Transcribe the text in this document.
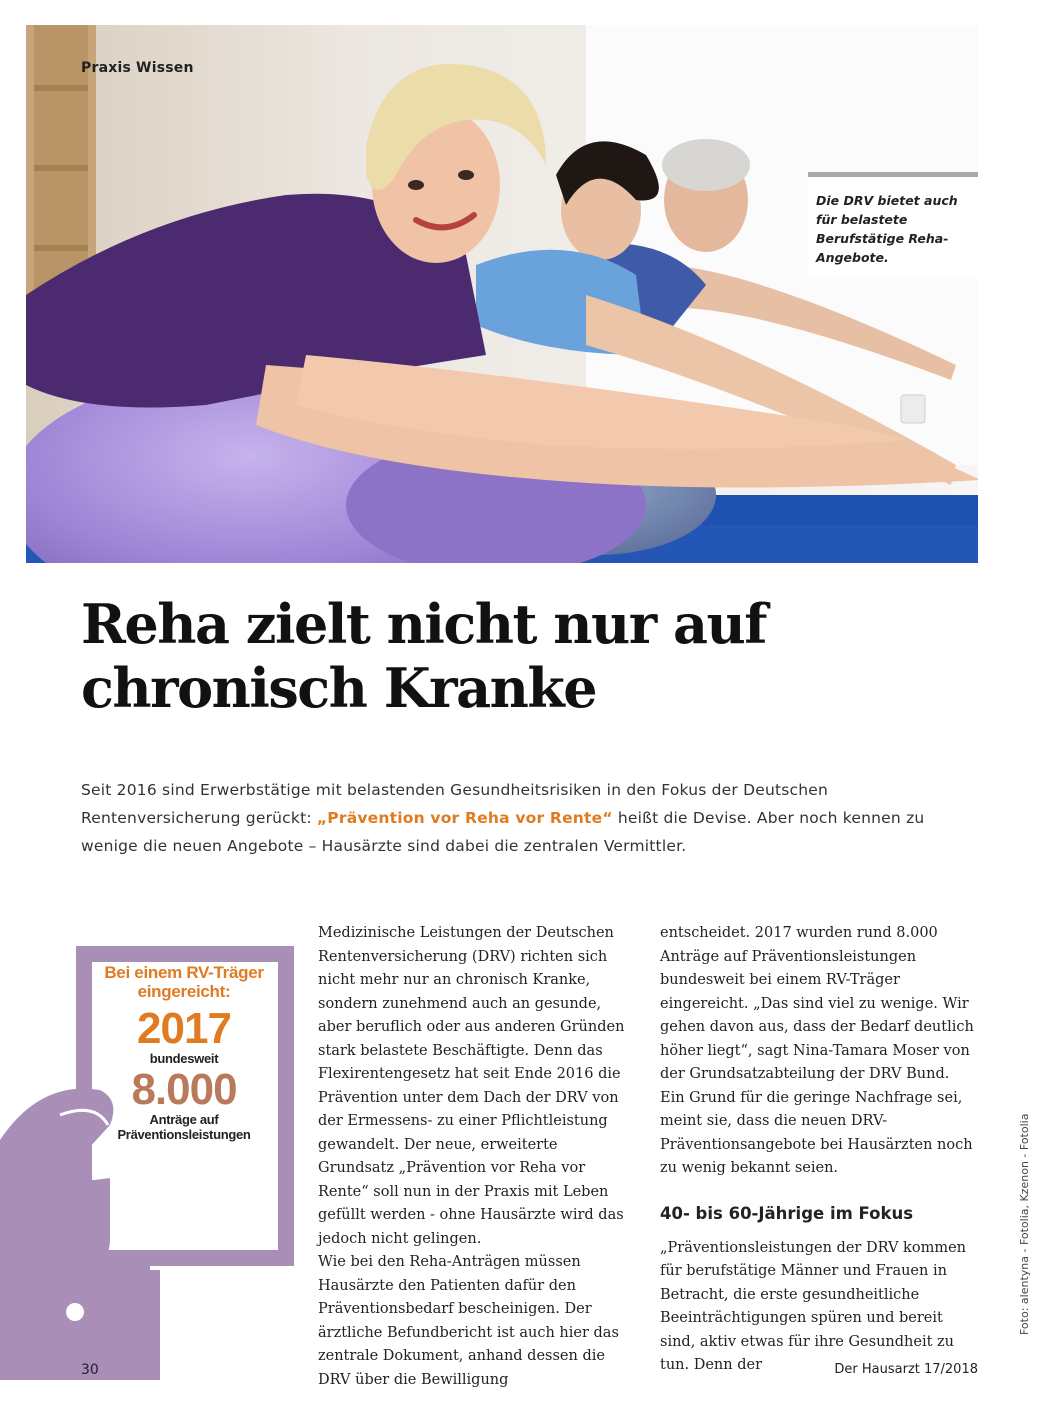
Praxis Wissen
Die DRV bietet auch für belastete Berufstätige Reha-Angebote.
Reha zielt nicht nur auf
chronisch Kranke

Seit 2016 sind Erwerbstätige mit belastenden Gesundheitsrisiken in den Fokus der Deutschen Rentenversicherung gerückt: „Prävention vor Reha vor Rente“ heißt die Devise. Aber noch kennen zu wenige die neuen Angebote – Hausärzte sind dabei die zentralen Vermittler.

Bei einem RV-Träger eingereicht:
2017
bundesweit
8.000
Anträge auf Präventionsleistungen

Medizinische Leistungen der Deutschen Rentenversicherung (DRV) richten sich nicht mehr nur an chronisch Kranke, sondern zunehmend auch an gesunde, aber beruflich oder aus anderen Gründen stark belastete Beschäftigte. Denn das Flexirentengesetz hat seit Ende 2016 die Prävention unter dem Dach der DRV von der Ermessens- zu einer Pflichtleistung gewandelt. Der neue, erweiterte Grundsatz „Prävention vor Reha vor Rente“ soll nun in der Praxis mit Leben gefüllt werden - ohne Hausärzte wird das jedoch nicht gelingen.

Wie bei den Reha-Anträgen müssen Hausärzte den Patienten dafür den Präventionsbedarf bescheinigen. Der ärztliche Befundbericht ist auch hier das zentrale Dokument, anhand dessen die DRV über die Bewilligung

entscheidet. 2017 wurden rund 8.000 Anträge auf Präventionsleistungen bundesweit bei einem RV-Träger eingereicht. „Das sind viel zu wenige. Wir gehen davon aus, dass der Bedarf deutlich höher liegt“, sagt Nina-Tamara Moser von der Grundsatzabteilung der DRV Bund. Ein Grund für die geringe Nachfrage sei, meint sie, dass die neuen DRV-Präventionsangebote bei Hausärzten noch zu wenig bekannt seien.

40- bis 60-Jährige im Fokus

„Präventionsleistungen der DRV kommen für berufstätige Männer und Frauen in Betracht, die erste gesundheitliche Beeinträchtigungen spüren und bereit sind, aktiv etwas für ihre Gesundheit zu tun. Denn der

Foto: alentyna - Fotolia, Kzenon - Fotolia
30	Der Hausarzt 17/2018
